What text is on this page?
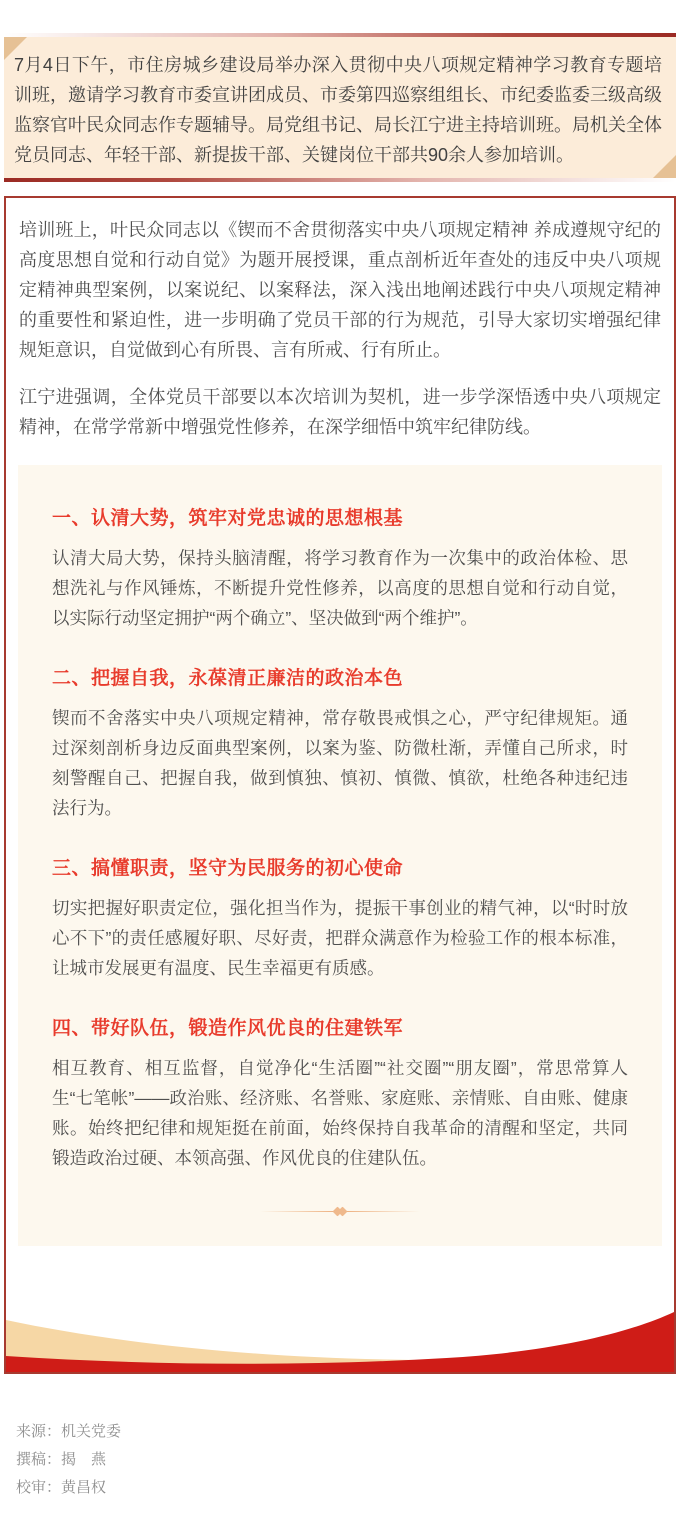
7月4日下午，市住房城乡建设局举办深入贯彻中央八项规定精神学习教育专题培训班，邀请学习教育市委宣讲团成员、市委第四巡察组组长、市纪委监委三级高级监察官叶民众同志作专题辅导。局党组书记、局长江宁进主持培训班。局机关全体党员同志、年轻干部、新提拔干部、关键岗位干部共90余人参加培训。

培训班上，叶民众同志以《锲而不舍贯彻落实中央八项规定精神 养成遵规守纪的高度思想自觉和行动自觉》为题开展授课，重点剖析近年查处的违反中央八项规定精神典型案例，以案说纪、以案释法，深入浅出地阐述践行中央八项规定精神的重要性和紧迫性，进一步明确了党员干部的行为规范，引导大家切实增强纪律规矩意识，自觉做到心有所畏、言有所戒、行有所止。

江宁进强调，全体党员干部要以本次培训为契机，进一步学深悟透中央八项规定精神，在常学常新中增强党性修养，在深学细悟中筑牢纪律防线。

一、认清大势，筑牢对党忠诚的思想根基

认清大局大势，保持头脑清醒，将学习教育作为一次集中的政治体检、思想洗礼与作风锤炼，不断提升党性修养，以高度的思想自觉和行动自觉，以实际行动坚定拥护“两个确立”、坚决做到“两个维护”。

二、把握自我，永葆清正廉洁的政治本色

锲而不舍落实中央八项规定精神，常存敬畏戒惧之心，严守纪律规矩。通过深刻剖析身边反面典型案例，以案为鉴、防微杜渐，弄懂自己所求，时刻警醒自己、把握自我，做到慎独、慎初、慎微、慎欲，杜绝各种违纪违法行为。

三、搞懂职责，坚守为民服务的初心使命

切实把握好职责定位，强化担当作为，提振干事创业的精气神，以“时时放心不下”的责任感履好职、尽好责，把群众满意作为检验工作的根本标准，让城市发展更有温度、民生幸福更有质感。

四、带好队伍，锻造作风优良的住建铁军

相互教育、相互监督，自觉净化“生活圈”“社交圈”“朋友圈”，常思常算人生“七笔帐”——政治账、经济账、名誉账、家庭账、亲情账、自由账、健康账。始终把纪律和规矩挺在前面，始终保持自我革命的清醒和坚定，共同锻造政治过硬、本领高强、作风优良的住建队伍。

来源：机关党委

撰稿：揭　燕

校审：黄昌权
